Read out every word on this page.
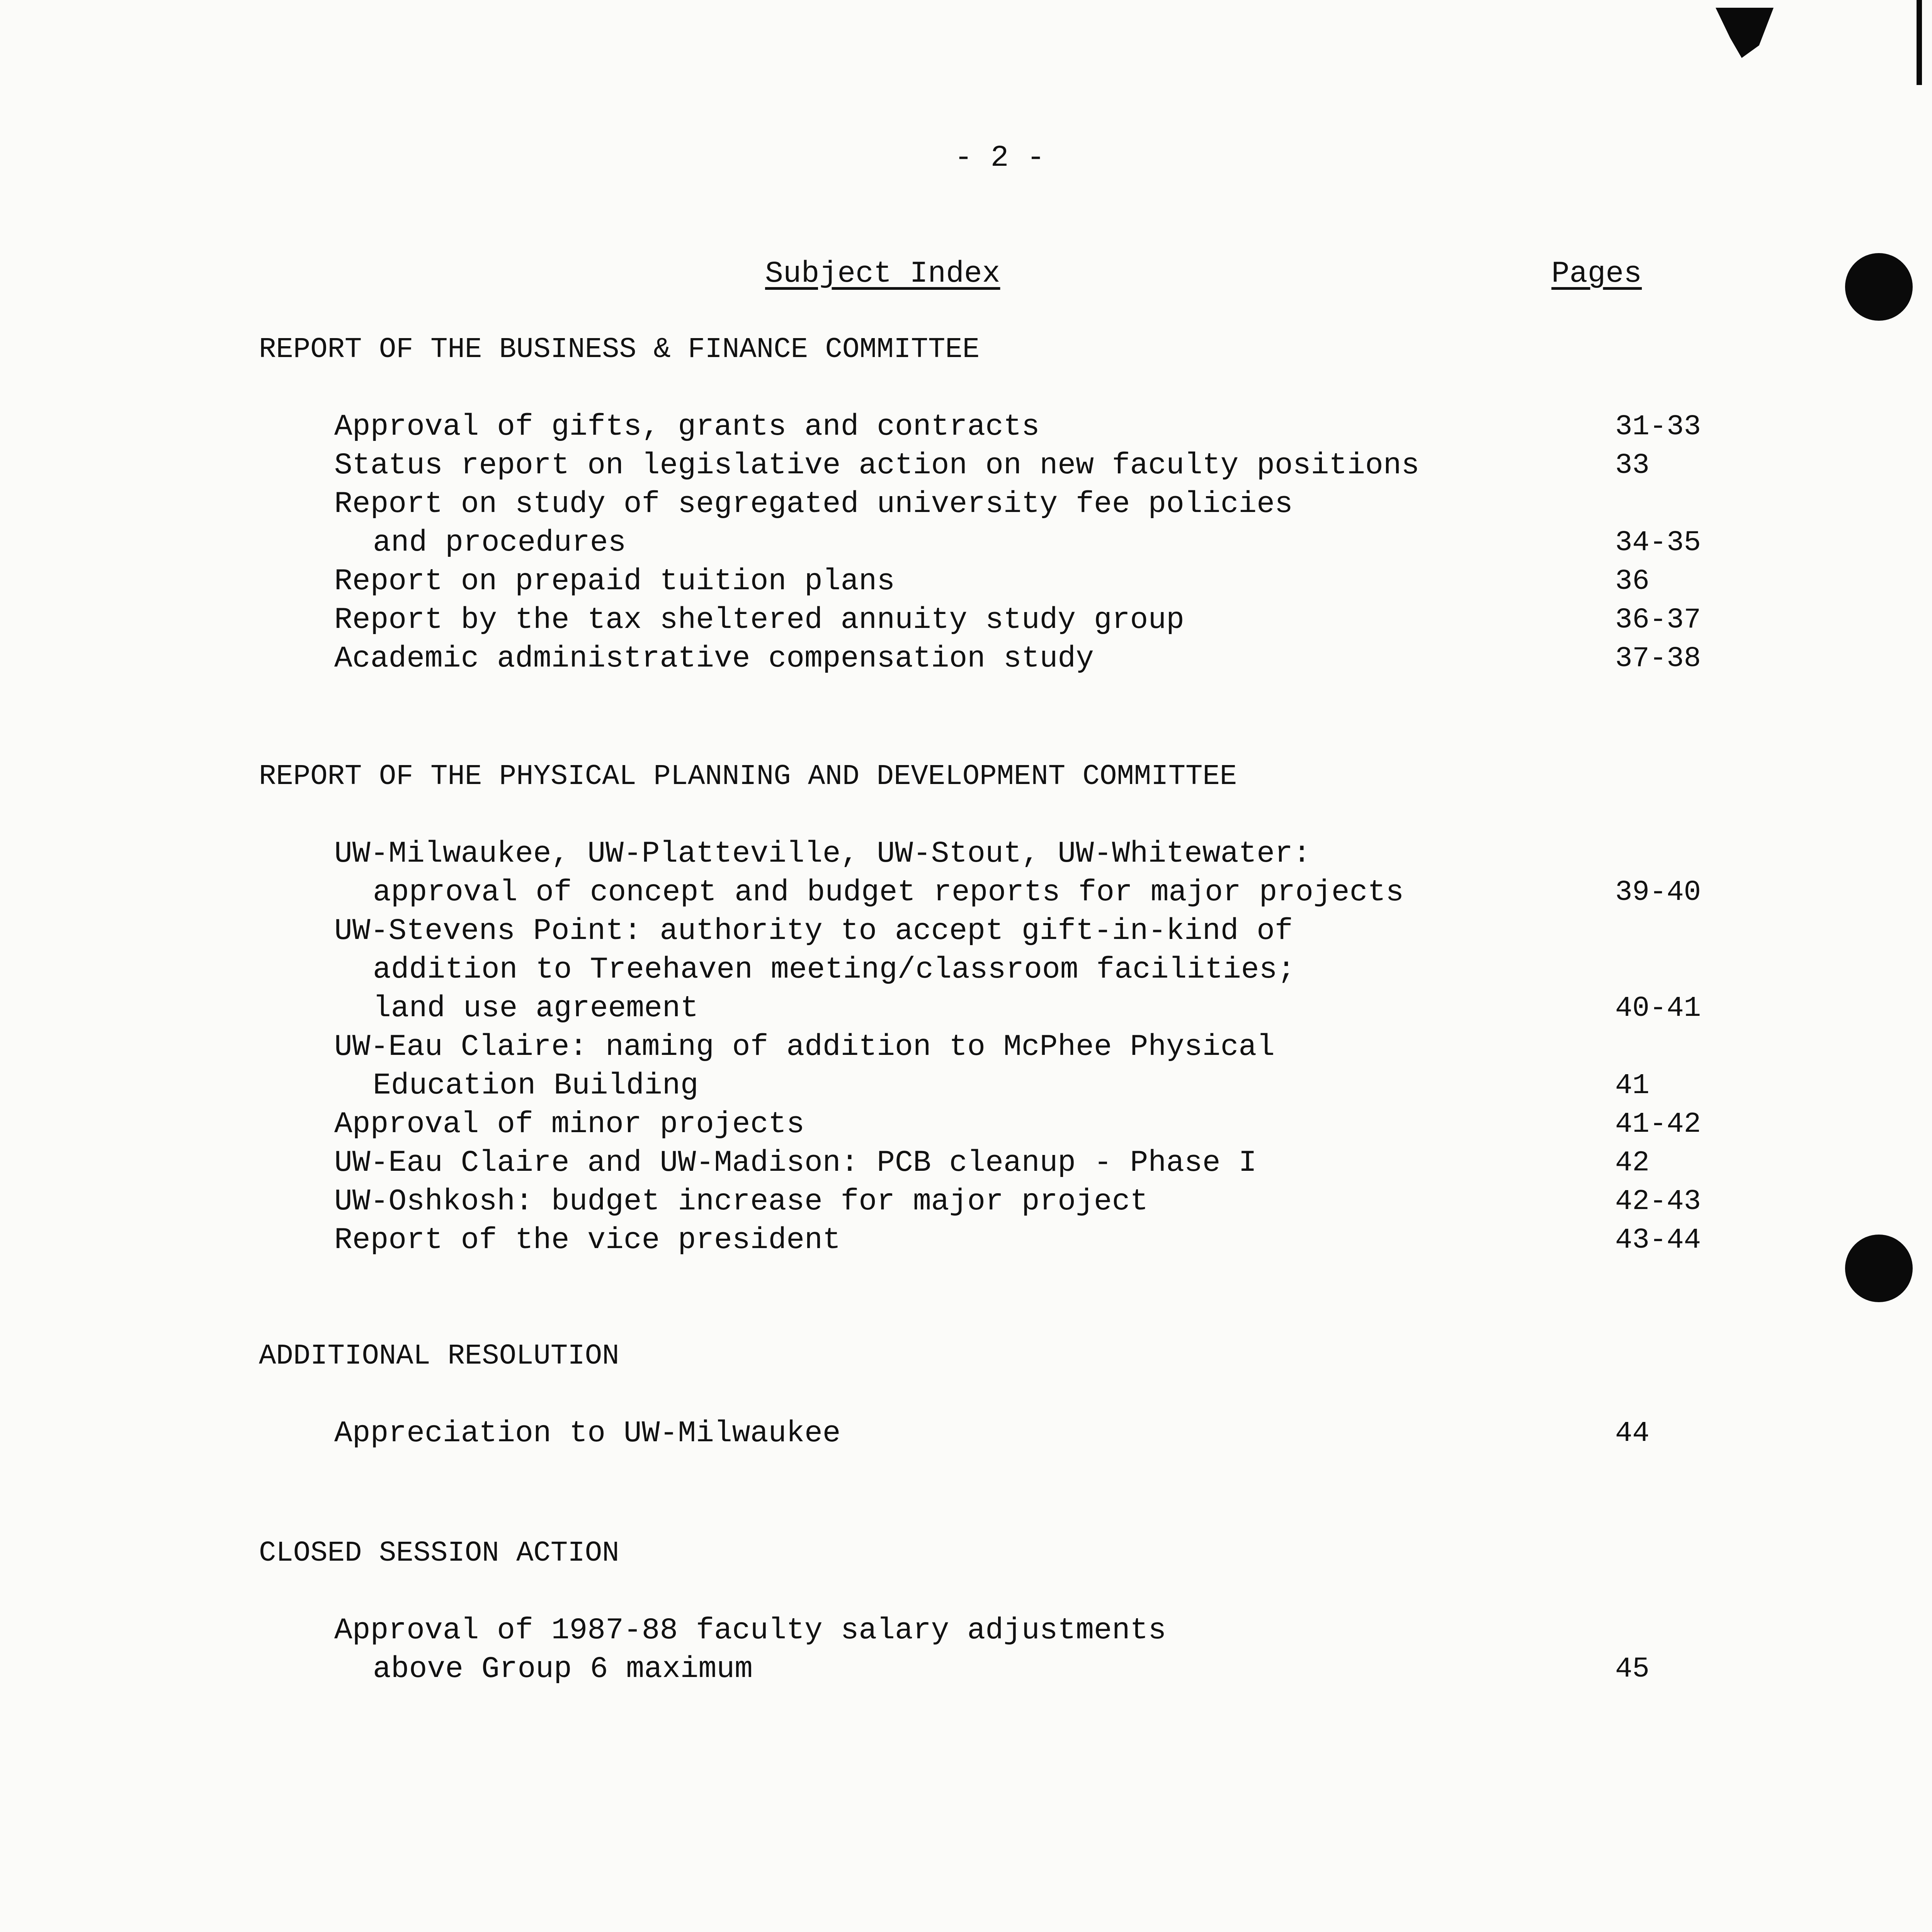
- 2 -
Subject Index	Pages

REPORT OF THE BUSINESS & FINANCE COMMITTEE

Approval of gifts, grants and contracts	31-33
Status report on legislative action on new faculty positions	33
Report on study of segregated university fee policies
and procedures	34-35
Report on prepaid tuition plans	36
Report by the tax sheltered annuity study group	36-37
Academic administrative compensation study	37-38

REPORT OF THE PHYSICAL PLANNING AND DEVELOPMENT COMMITTEE

UW-Milwaukee, UW-Platteville, UW-Stout, UW-Whitewater:
approval of concept and budget reports for major projects	39-40
UW-Stevens Point: authority to accept gift-in-kind of
addition to Treehaven meeting/classroom facilities;
land use agreement	40-41
UW-Eau Claire: naming of addition to McPhee Physical
Education Building	41
Approval of minor projects	41-42
UW-Eau Claire and UW-Madison: PCB cleanup - Phase I	42
UW-Oshkosh: budget increase for major project	42-43
Report of the vice president	43-44

ADDITIONAL RESOLUTION

Appreciation to UW-Milwaukee	44

CLOSED SESSION ACTION

Approval of 1987-88 faculty salary adjustments
above Group 6 maximum	45
